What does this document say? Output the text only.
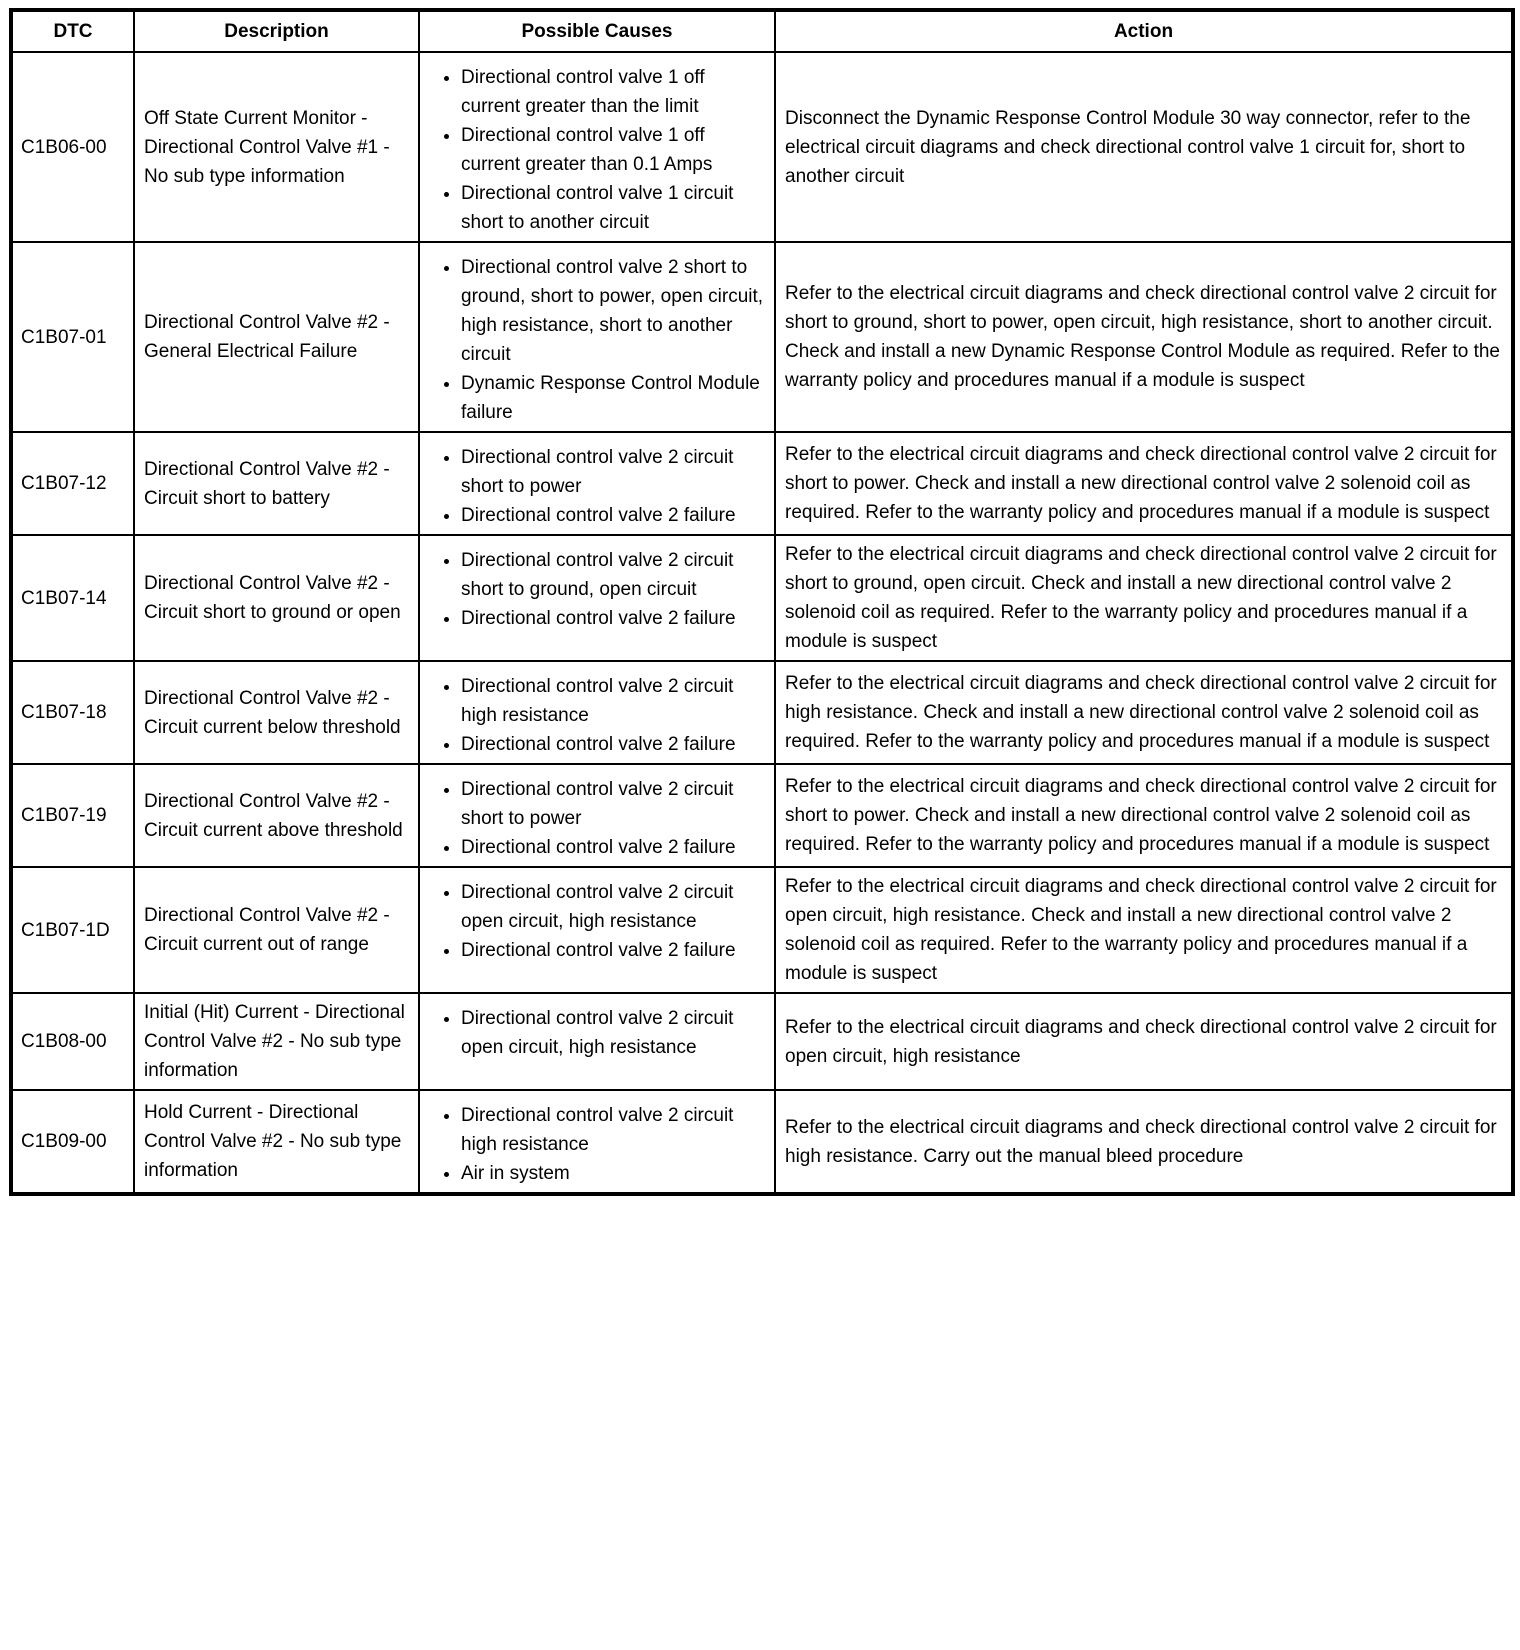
DTC	Description	Possible Causes	Action
C1B06-00	Off State Current Monitor - Directional Control Valve #1 - No sub type information	
• Directional control valve 1 off current greater than the limit
• Directional control valve 1 off current greater than 0.1 Amps
• Directional control valve 1 circuit short to another circuit
	Disconnect the Dynamic Response Control Module 30 way connector, refer to the electrical circuit diagrams and check directional control valve 1 circuit for, short to another circuit
C1B07-01	Directional Control Valve #2 - General Electrical Failure	
• Directional control valve 2 short to ground, short to power, open circuit, high resistance, short to another circuit
• Dynamic Response Control Module failure
	Refer to the electrical circuit diagrams and check directional control valve 2 circuit for short to ground, short to power, open circuit, high resistance, short to another circuit. Check and install a new Dynamic Response Control Module as required. Refer to the warranty policy and procedures manual if a module is suspect
C1B07-12	Directional Control Valve #2 - Circuit short to battery	
• Directional control valve 2 circuit short to power
• Directional control valve 2 failure
	Refer to the electrical circuit diagrams and check directional control valve 2 circuit for short to power. Check and install a new directional control valve 2 solenoid coil as required. Refer to the warranty policy and procedures manual if a module is suspect
C1B07-14	Directional Control Valve #2 - Circuit short to ground or open	
• Directional control valve 2 circuit short to ground, open circuit
• Directional control valve 2 failure
	Refer to the electrical circuit diagrams and check directional control valve 2 circuit for short to ground, open circuit. Check and install a new directional control valve 2 solenoid coil as required. Refer to the warranty policy and procedures manual if a module is suspect
C1B07-18	Directional Control Valve #2 - Circuit current below threshold	
• Directional control valve 2 circuit high resistance
• Directional control valve 2 failure
	Refer to the electrical circuit diagrams and check directional control valve 2 circuit for high resistance. Check and install a new directional control valve 2 solenoid coil as required. Refer to the warranty policy and procedures manual if a module is suspect
C1B07-19	Directional Control Valve #2 - Circuit current above threshold	
• Directional control valve 2 circuit short to power
• Directional control valve 2 failure
	Refer to the electrical circuit diagrams and check directional control valve 2 circuit for short to power. Check and install a new directional control valve 2 solenoid coil as required. Refer to the warranty policy and procedures manual if a module is suspect
C1B07-1D	Directional Control Valve #2 - Circuit current out of range	
• Directional control valve 2 circuit open circuit, high resistance
• Directional control valve 2 failure
	Refer to the electrical circuit diagrams and check directional control valve 2 circuit for open circuit, high resistance. Check and install a new directional control valve 2 solenoid coil as required. Refer to the warranty policy and procedures manual if a module is suspect
C1B08-00	Initial (Hit) Current - Directional Control Valve #2 - No sub type information	
• Directional control valve 2 circuit open circuit, high resistance
	Refer to the electrical circuit diagrams and check directional control valve 2 circuit for open circuit, high resistance
C1B09-00	Hold Current - Directional Control Valve #2 - No sub type information	
• Directional control valve 2 circuit high resistance
• Air in system
	Refer to the electrical circuit diagrams and check directional control valve 2 circuit for high resistance. Carry out the manual bleed procedure
